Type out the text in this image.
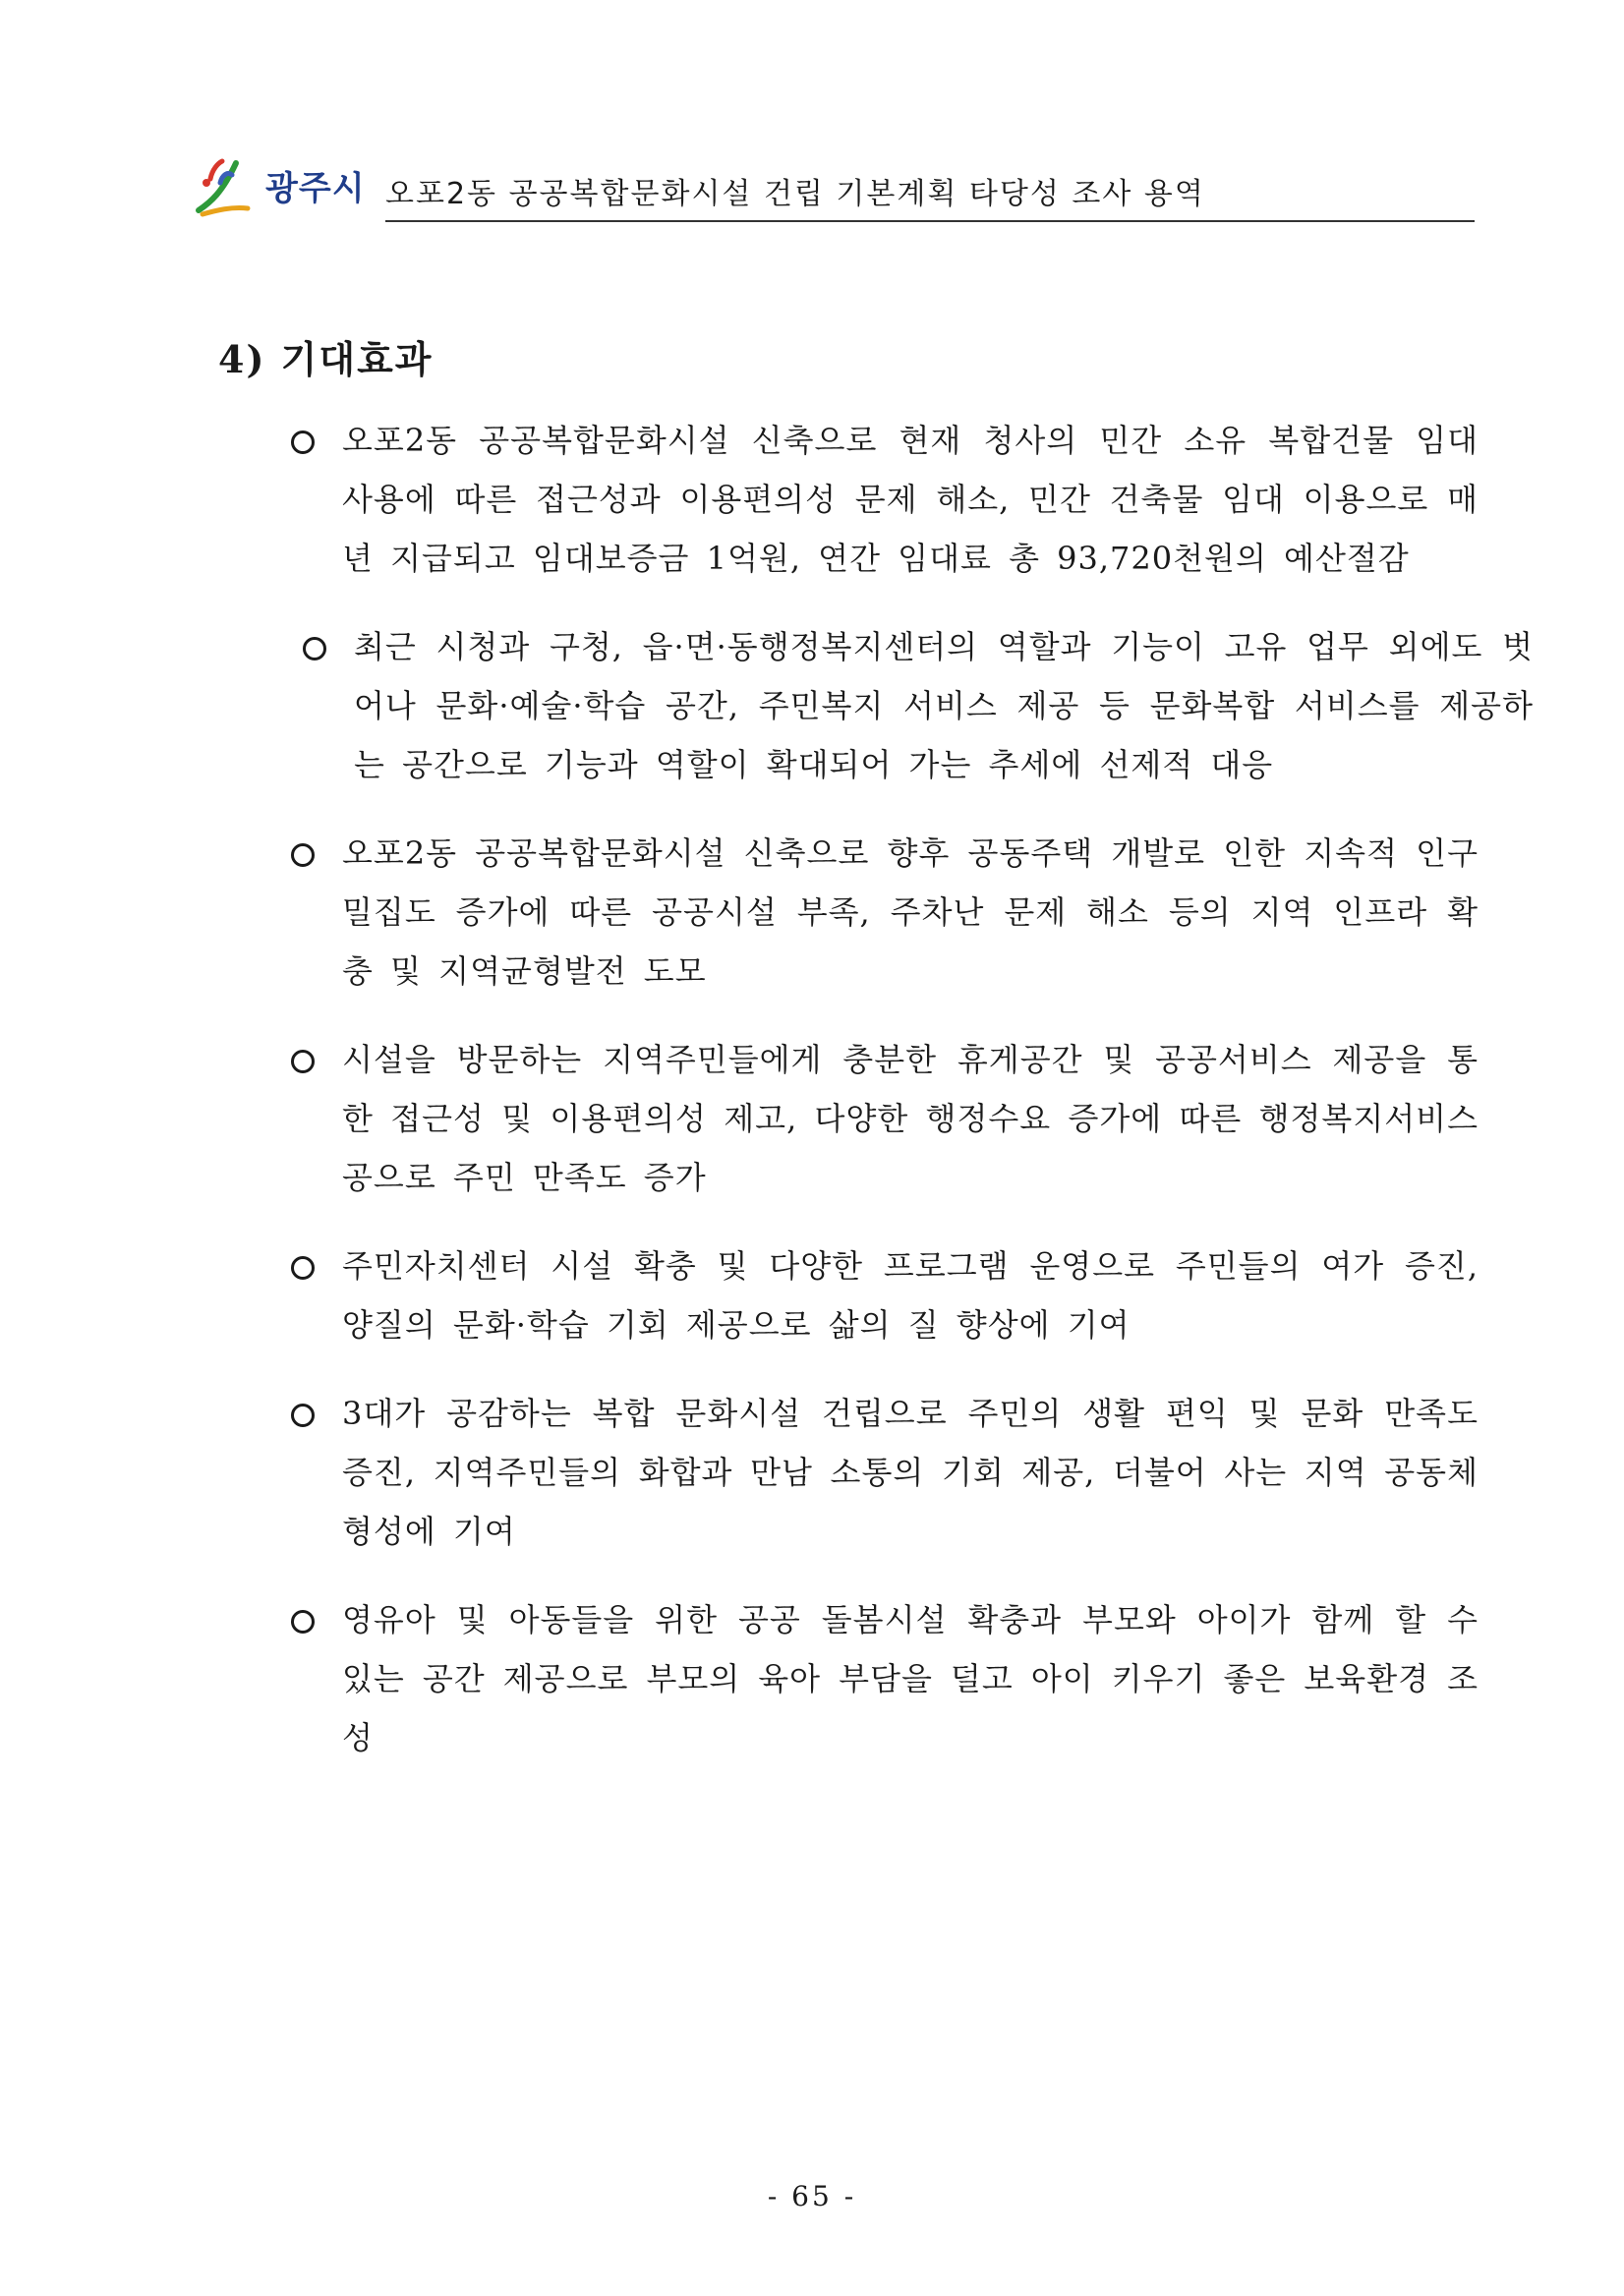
광주시 오포2동 공공복합문화시설 건립 기본계획 타당성 조사 용역
4) 기대효과
오포2동 공공복합문화시설 신축으로 현재 청사의 민간 소유 복합건물 임대 사용에 따른 접근성과 이용편의성 문제 해소, 민간 건축물 임대 이용으로 매년 지급되고 임대보증금 1억원, 연간 임대료 총 93,720천원의 예산절감
최근 시청과 구청, 읍·면·동행정복지센터의 역할과 기능이 고유 업무 외에도 벗어나 문화·예술·학습 공간, 주민복지 서비스 제공 등 문화복합 서비스를 제공하는 공간으로 기능과 역할이 확대되어 가는 추세에 선제적 대응
오포2동 공공복합문화시설 신축으로 향후 공동주택 개발로 인한 지속적 인구밀집도 증가에 따른 공공시설 부족, 주차난 문제 해소 등의 지역 인프라 확충 및 지역균형발전 도모
시설을 방문하는 지역주민들에게 충분한 휴게공간 및 공공서비스 제공을 통한 접근성 및 이용편의성 제고, 다양한 행정수요 증가에 따른 행정복지서비스 공으로 주민 만족도 증가
주민자치센터 시설 확충 및 다양한 프로그램 운영으로 주민들의 여가 증진, 양질의 문화·학습 기회 제공으로 삶의 질 향상에 기여
3대가 공감하는 복합 문화시설 건립으로 주민의 생활 편익 및 문화 만족도 증진, 지역주민들의 화합과 만남 소통의 기회 제공, 더불어 사는 지역 공동체 형성에 기여
영유아 및 아동들을 위한 공공 돌봄시설 확충과 부모와 아이가 함께 할 수 있는 공간 제공으로 부모의 육아 부담을 덜고 아이 키우기 좋은 보육환경 조성
- 65 -
